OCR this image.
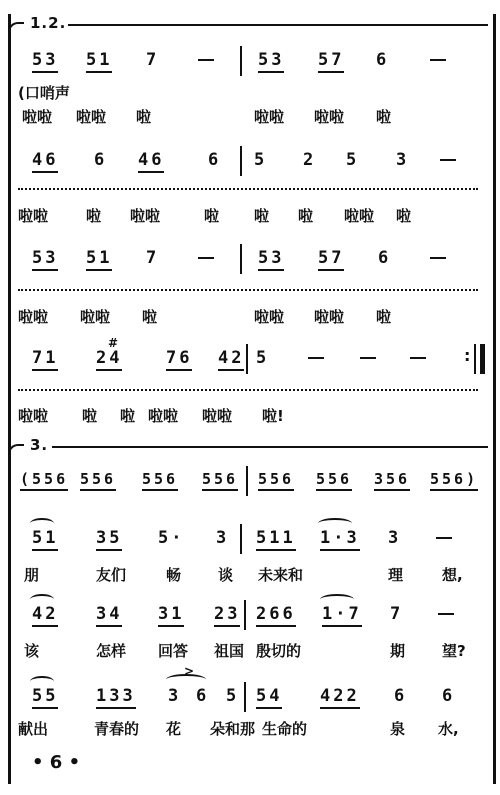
1.2.
53 51 7	53 57 6
(口哨声
啦啦 啦啦 啦	啦啦 啦啦 啦
46 6 46	6 5 2 5 3
啦啦	啦 啦啦	啦 啦 啦 啦啦 啦
53 51 7	53 57 6
啦啦 啦啦 啦	啦啦 啦啦 啦
71 24	76 42 5	:
#
啦啦 啦 啦 啦啦 啦啦 啦!
3.
(556 556 556 556 556 556 356 556)
51 35 5· 3 511 1·3 3
朋	友们	畅 谈 未来和	理	想,
42 34 31 23 266 1·7 7
该	怎样 回答 祖国 殷切的	期 望?
55 133 3 6 5 54 422 6 6
>
献出	青春的 花 朵和那 生命的	泉 水,
• 6 •
